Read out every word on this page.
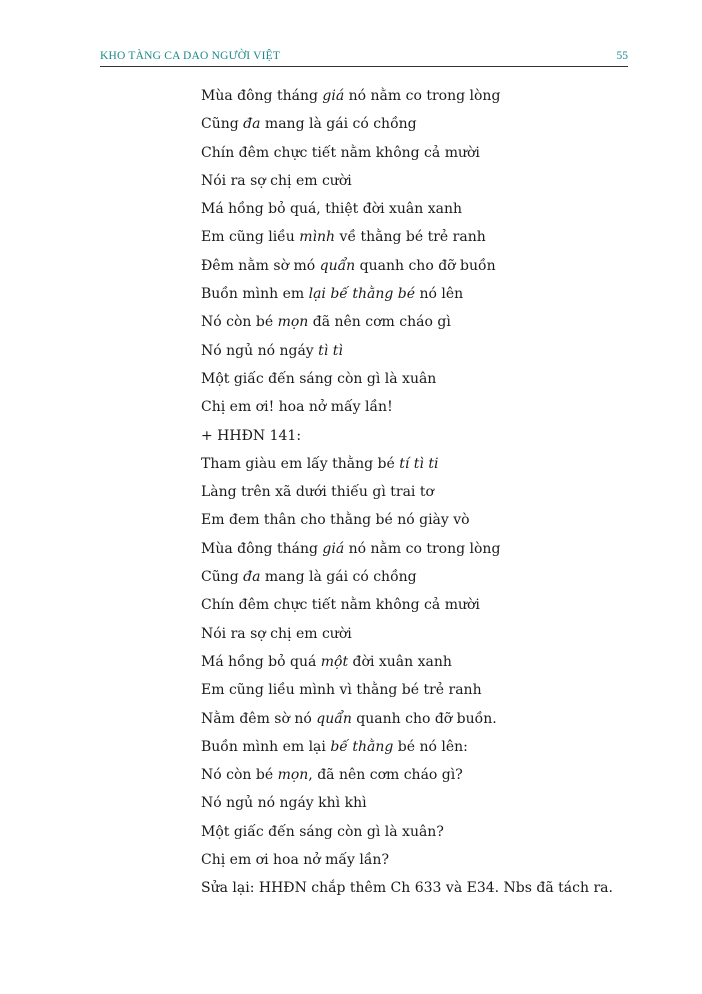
KHO TÀNG CA DAO NGƯỜI VIỆT	55
Mùa đông tháng giá nó nằm co trong lòng
Cũng đa mang là gái có chồng
Chín đêm chực tiết nằm không cả mười
Nói ra sợ chị em cười
Má hồng bỏ quá, thiệt đời xuân xanh
Em cũng liều mình về thằng bé trẻ ranh
Đêm nằm sờ mó quẩn quanh cho đỡ buồn
Buồn mình em lại bế thằng bé nó lên
Nó còn bé mọn đã nên cơm cháo gì
Nó ngủ nó ngáy tì tì
Một giấc đến sáng còn gì là xuân
Chị em ơi! hoa nở mấy lần!
+ HHĐN 141:
Tham giàu em lấy thằng bé tí tì ti
Làng trên xã dưới thiếu gì trai tơ
Em đem thân cho thằng bé nó giày vò
Mùa đông tháng giá nó nằm co trong lòng
Cũng đa mang là gái có chồng
Chín đêm chực tiết nằm không cả mười
Nói ra sợ chị em cười
Má hồng bỏ quá một đời xuân xanh
Em cũng liều mình vì thằng bé trẻ ranh
Nằm đêm sờ nó quẩn quanh cho đỡ buồn.
Buồn mình em lại bế thằng bé nó lên:
Nó còn bé mọn, đã nên cơm cháo gì?
Nó ngủ nó ngáy khì khì
Một giấc đến sáng còn gì là xuân?
Chị em ơi hoa nở mấy lần?
Sửa lại: HHĐN chắp thêm Ch 633 và E34. Nbs đã tách ra.
